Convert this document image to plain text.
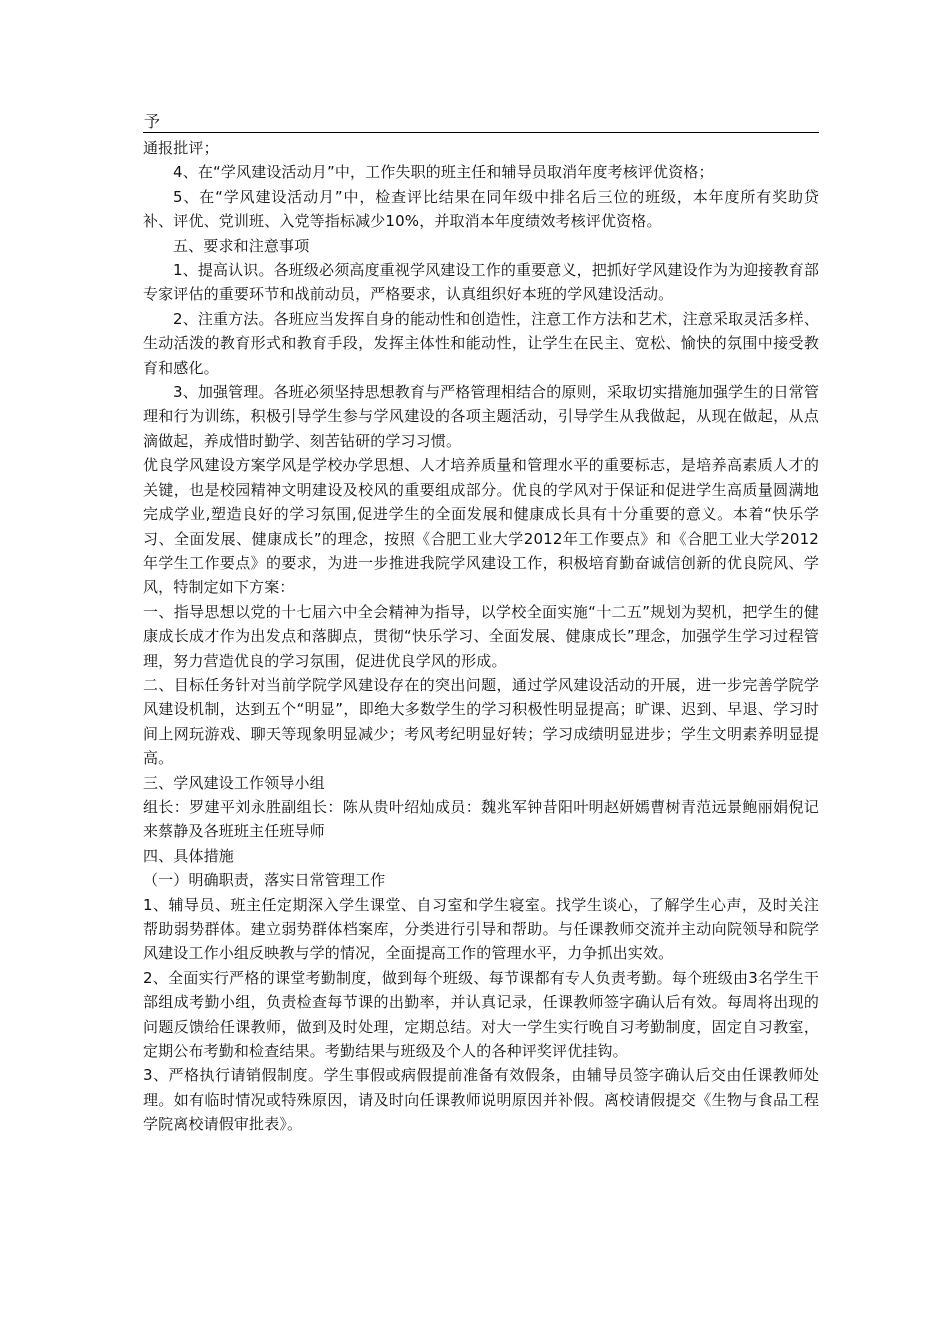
予

通报批评；

4、在“学风建设活动月”中，工作失职的班主任和辅导员取消年度考核评优资格；

5、在“学风建设活动月”中，检查评比结果在同年级中排名后三位的班级，本年度所有奖助贷补、评优、党训班、入党等指标减少10%，并取消本年度绩效考核评优资格。

五、要求和注意事项

1、提高认识。各班级必须高度重视学风建设工作的重要意义，把抓好学风建设作为为迎接教育部专家评估的重要环节和战前动员，严格要求，认真组织好本班的学风建设活动。

2、注重方法。各班应当发挥自身的能动性和创造性，注意工作方法和艺术，注意采取灵活多样、生动活泼的教育形式和教育手段，发挥主体性和能动性，让学生在民主、宽松、愉快的氛围中接受教育和感化。

3、加强管理。各班必须坚持思想教育与严格管理相结合的原则，采取切实措施加强学生的日常管理和行为训练，积极引导学生参与学风建设的各项主题活动，引导学生从我做起，从现在做起，从点滴做起，养成惜时勤学、刻苦钻研的学习习惯。

优良学风建设方案学风是学校办学思想、人才培养质量和管理水平的重要标志，是培养高素质人才的关键，也是校园精神文明建设及校风的重要组成部分。优良的学风对于保证和促进学生高质量圆满地完成学业,塑造良好的学习氛围,促进学生的全面发展和健康成长具有十分重要的意义。本着“快乐学习、全面发展、健康成长”的理念，按照《合肥工业大学2012年工作要点》和《合肥工业大学2012年学生工作要点》的要求，为进一步推进我院学风建设工作，积极培育勤奋诚信创新的优良院风、学风，特制定如下方案：

一、指导思想以党的十七届六中全会精神为指导，以学校全面实施“十二五”规划为契机，把学生的健康成长成才作为出发点和落脚点，贯彻“快乐学习、全面发展、健康成长”理念，加强学生学习过程管理，努力营造优良的学习氛围，促进优良学风的形成。

二、目标任务针对当前学院学风建设存在的突出问题，通过学风建设活动的开展，进一步完善学院学风建设机制，达到五个“明显”，即绝大多数学生的学习积极性明显提高；旷课、迟到、早退、学习时间上网玩游戏、聊天等现象明显减少；考风考纪明显好转；学习成绩明显进步；学生文明素养明显提高。

三、学风建设工作领导小组

组长：罗建平刘永胜副组长：陈从贵叶绍灿成员：魏兆军钟昔阳叶明赵妍嫣曹树青范远景鲍丽娟倪记来蔡静及各班班主任班导师

四、具体措施

（一）明确职责，落实日常管理工作

1、辅导员、班主任定期深入学生课堂、自习室和学生寝室。找学生谈心，了解学生心声，及时关注帮助弱势群体。建立弱势群体档案库，分类进行引导和帮助。与任课教师交流并主动向院领导和院学风建设工作小组反映教与学的情况，全面提高工作的管理水平，力争抓出实效。

2、全面实行严格的课堂考勤制度，做到每个班级、每节课都有专人负责考勤。每个班级由3名学生干部组成考勤小组，负责检查每节课的出勤率，并认真记录，任课教师签字确认后有效。每周将出现的问题反馈给任课教师，做到及时处理，定期总结。对大一学生实行晚自习考勤制度，固定自习教室，定期公布考勤和检查结果。考勤结果与班级及个人的各种评奖评优挂钩。

3、严格执行请销假制度。学生事假或病假提前准备有效假条，由辅导员签字确认后交由任课教师处理。如有临时情况或特殊原因，请及时向任课教师说明原因并补假。离校请假提交《生物与食品工程学院离校请假审批表》。
